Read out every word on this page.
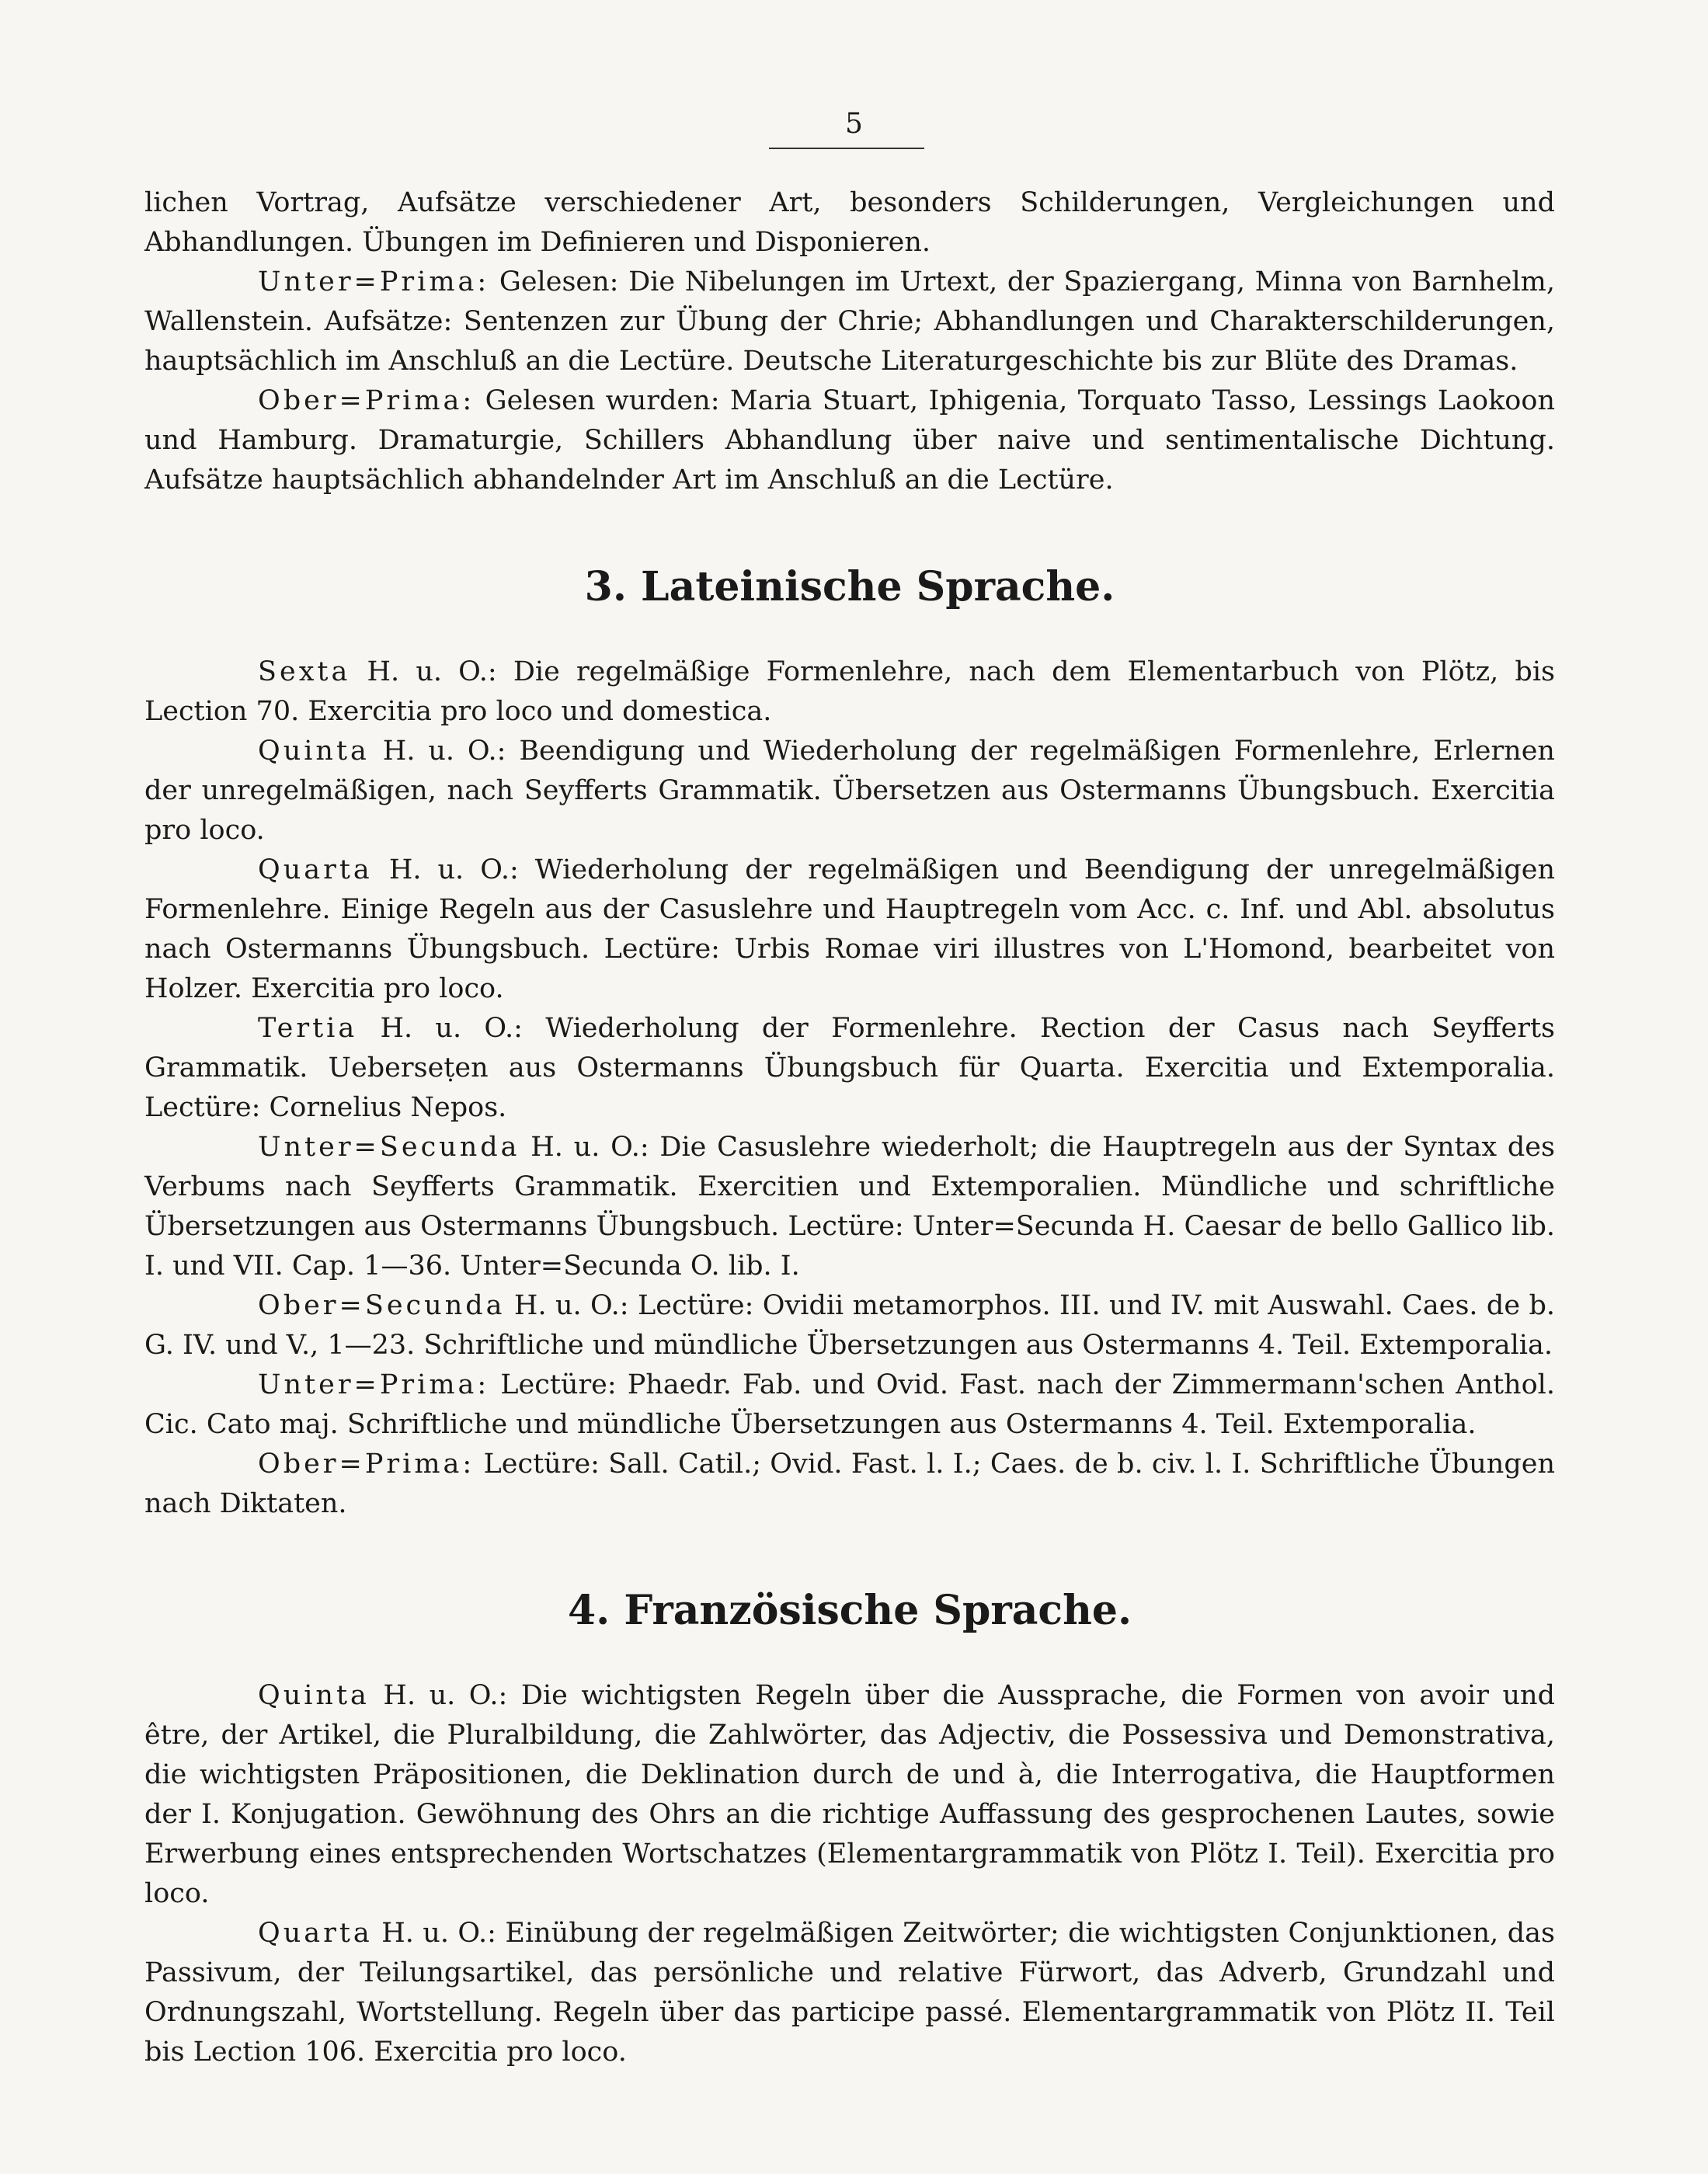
5

lichen Vortrag, Aufsätze verschiedener Art, besonders Schilderungen, Vergleichungen und Abhandlungen. Übungen im Definieren und Disponieren.

Unter=Prima: Gelesen: Die Nibelungen im Urtext, der Spaziergang, Minna von Barnhelm, Wallenstein. Aufsätze: Sentenzen zur Übung der Chrie; Abhandlungen und Charakterschilderungen, hauptsächlich im Anschluß an die Lectüre. Deutsche Literaturgeschichte bis zur Blüte des Dramas.

Ober=Prima: Gelesen wurden: Maria Stuart, Iphigenia, Torquato Tasso, Lessings Laokoon und Hamburg. Dramaturgie, Schillers Abhandlung über naive und sentimentalische Dichtung. Aufsätze hauptsächlich abhandelnder Art im Anschluß an die Lectüre.

3. Lateinische Sprache.

Sexta H. u. O.: Die regelmäßige Formenlehre, nach dem Elementarbuch von Plötz, bis Lection 70. Exercitia pro loco und domestica.

Quinta H. u. O.: Beendigung und Wiederholung der regelmäßigen Formenlehre, Erlernen der unregelmäßigen, nach Seyfferts Grammatik. Übersetzen aus Ostermanns Übungsbuch. Exercitia pro loco.

Quarta H. u. O.: Wiederholung der regelmäßigen und Beendigung der unregelmäßigen Formenlehre. Einige Regeln aus der Casuslehre und Hauptregeln vom Acc. c. Inf. und Abl. absolutus nach Ostermanns Übungsbuch. Lectüre: Urbis Romae viri illustres von L'Homond, bearbeitet von Holzer. Exercitia pro loco.

Tertia H. u. O.: Wiederholung der Formenlehre. Rection der Casus nach Seyfferts Grammatik. Ueberseṭen aus Ostermanns Übungsbuch für Quarta. Exercitia und Extemporalia. Lectüre: Cornelius Nepos.

Unter=Secunda H. u. O.: Die Casuslehre wiederholt; die Hauptregeln aus der Syntax des Verbums nach Seyfferts Grammatik. Exercitien und Extemporalien. Mündliche und schriftliche Übersetzungen aus Ostermanns Übungsbuch. Lectüre: Unter=Secunda H. Caesar de bello Gallico lib. I. und VII. Cap. 1—36. Unter=Secunda O. lib. I.

Ober=Secunda H. u. O.: Lectüre: Ovidii metamorphos. III. und IV. mit Auswahl. Caes. de b. G. IV. und V., 1—23. Schriftliche und mündliche Übersetzungen aus Ostermanns 4. Teil. Extemporalia.

Unter=Prima: Lectüre: Phaedr. Fab. und Ovid. Fast. nach der Zimmermann'schen Anthol. Cic. Cato maj. Schriftliche und mündliche Übersetzungen aus Ostermanns 4. Teil. Extemporalia.

Ober=Prima: Lectüre: Sall. Catil.; Ovid. Fast. l. I.; Caes. de b. civ. l. I. Schriftliche Übungen nach Diktaten.

4. Französische Sprache.

Quinta H. u. O.: Die wichtigsten Regeln über die Aussprache, die Formen von avoir und être, der Artikel, die Pluralbildung, die Zahlwörter, das Adjectiv, die Possessiva und Demonstrativa, die wichtigsten Präpositionen, die Deklination durch de und à, die Interrogativa, die Hauptformen der I. Konjugation. Gewöhnung des Ohrs an die richtige Auffassung des gesprochenen Lautes, sowie Erwerbung eines entsprechenden Wortschatzes (Elementargrammatik von Plötz I. Teil). Exercitia pro loco.

Quarta H. u. O.: Einübung der regelmäßigen Zeitwörter; die wichtigsten Conjunktionen, das Passivum, der Teilungsartikel, das persönliche und relative Fürwort, das Adverb, Grundzahl und Ordnungszahl, Wortstellung. Regeln über das participe passé. Elementargrammatik von Plötz II. Teil bis Lection 106. Exercitia pro loco.
